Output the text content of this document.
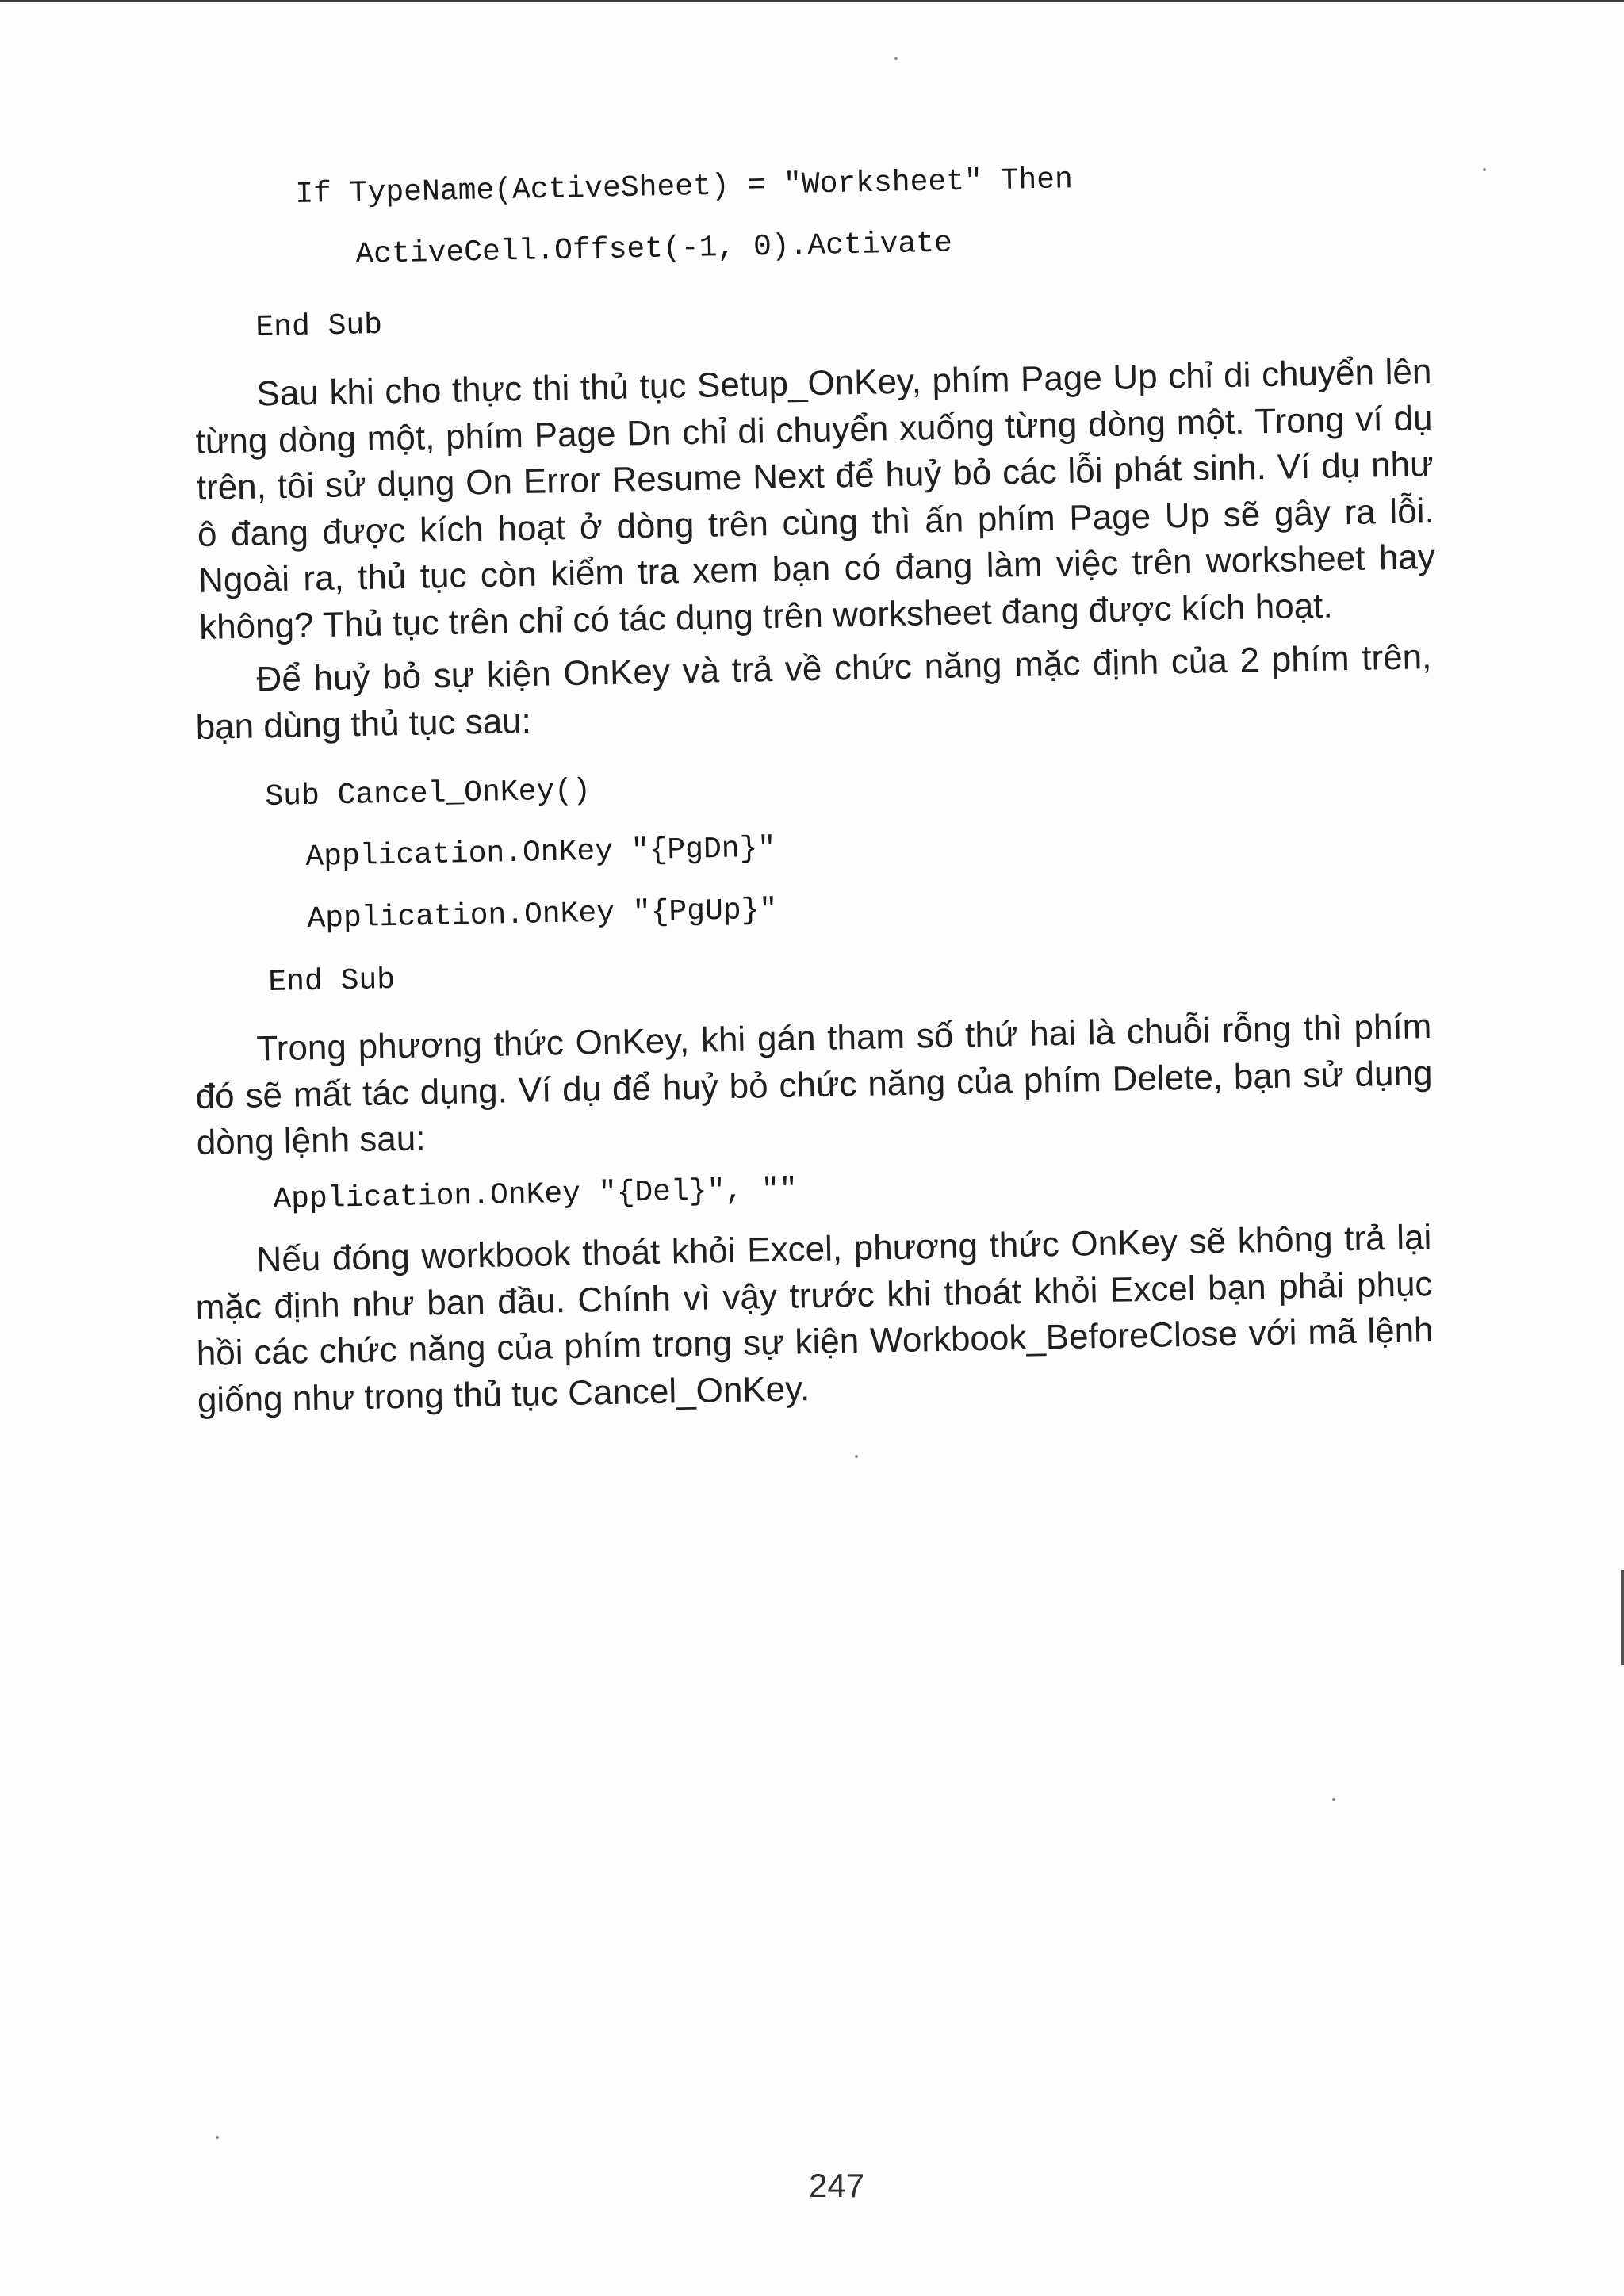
If TypeName(ActiveSheet) = "Worksheet" Then
ActiveCell.Offset(-1, 0).Activate
End Sub
Sau khi cho thực thi thủ tục Setup_OnKey, phím Page Up chỉ di chuyển lên từng dòng một, phím Page Dn chỉ di chuyển xuống từng dòng một. Trong ví dụ trên, tôi sử dụng On Error Resume Next để huỷ bỏ các lỗi phát sinh. Ví dụ như ô đang được kích hoạt ở dòng trên cùng thì ấn phím Page Up sẽ gây ra lỗi. Ngoài ra, thủ tục còn kiểm tra xem bạn có đang làm việc trên worksheet hay không? Thủ tục trên chỉ có tác dụng trên worksheet đang được kích hoạt.
Để huỷ bỏ sự kiện OnKey và trả về chức năng mặc định của 2 phím trên, bạn dùng thủ tục sau:
Sub Cancel_OnKey()
Application.OnKey "{PgDn}"
Application.OnKey "{PgUp}"
End Sub
Trong phương thức OnKey, khi gán tham số thứ hai là chuỗi rỗng thì phím đó sẽ mất tác dụng. Ví dụ để huỷ bỏ chức năng của phím Delete, bạn sử dụng dòng lệnh sau:
Application.OnKey "{Del}", ""
Nếu đóng workbook thoát khỏi Excel, phương thức OnKey sẽ không trả lại mặc định như ban đầu. Chính vì vậy trước khi thoát khỏi Excel bạn phải phục hồi các chức năng của phím trong sự kiện Workbook_BeforeClose với mã lệnh giống như trong thủ tục Cancel_OnKey.
247
